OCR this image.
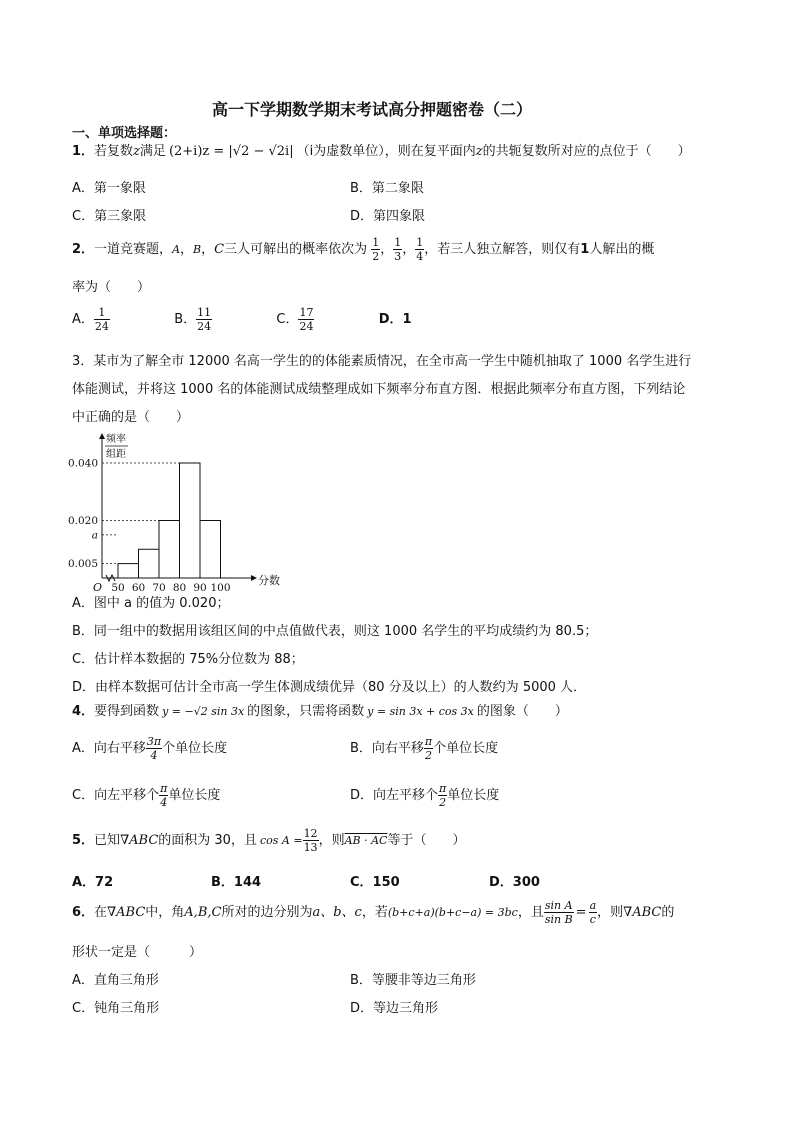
高一下学期数学期末考试高分押题密卷（二）
一、单项选择题：
1．若复数z满足 (2+i)z = |√2 − √2i| （i为虚数单位），则在复平面内z的共轭复数所对应的点位于（　　）
A．第一象限	B．第二象限
C．第三象限	D．第四象限
2．一道竞赛题，A，B，C三人可解出的概率依次为 $\frac{1}{2}$ ， $\frac{1}{3}$ ， $\frac{1}{4}$ ，若三人独立解答，则仅有1人解出的概
率为（　　）
A． $\frac{1}{24}$	B． $\frac{11}{24}$	C． $\frac{17}{24}$	D．1
3．某市为了解全市 12000 名高一学生的的体能素质情况，在全市高一学生中随机抽取了 1000 名学生进行
体能测试，并将这 1000 名的体能测试成绩整理成如下频率分布直方图．根据此频率分布直方图，下列结论
中正确的是（　　）
0.040
0.020
a
0.005
50 60 70 80 90 100
O
分数
频率
组距
A．图中 a 的值为 0.020；
B．同一组中的数据用该组区间的中点值做代表，则这 1000 名学生的平均成绩约为 80.5；
C．估计样本数据的 75%分位数为 88；
D．由样本数据可估计全市高一学生体测成绩优异（80 分及以上）的人数约为 5000 人．
4．要得到函数 y = −√2 sin 3x 的图象，只需将函数 y = sin 3x + cos 3x 的图象（　　）
A．向右平移 $\frac{3\pi}{4}$ 个单位长度	B．向右平移 $\frac{\pi}{2}$ 个单位长度
C．向左平移个 $\frac{\pi}{4}$ 单位长度	D．向左平移个 $\frac{\pi}{2}$ 单位长度
5．已知∇ABC的面积为 30，且 $\cos A = \frac{12}{13}$ ，则AB · AC等于（　　）
A．72	B．144	C．150	D．300
6．在∇ABC中，角A,B,C所对的边分别为a、b、c，若(b+c+a)(b+c−a) = 3bc，且 $\frac{\text{sin A}}{\text{sin B}} = \frac{a}{c}$ ，则∇ABC的
形状一定是（　　　）
A．直角三角形	B．等腰非等边三角形
C．钝角三角形	D．等边三角形
